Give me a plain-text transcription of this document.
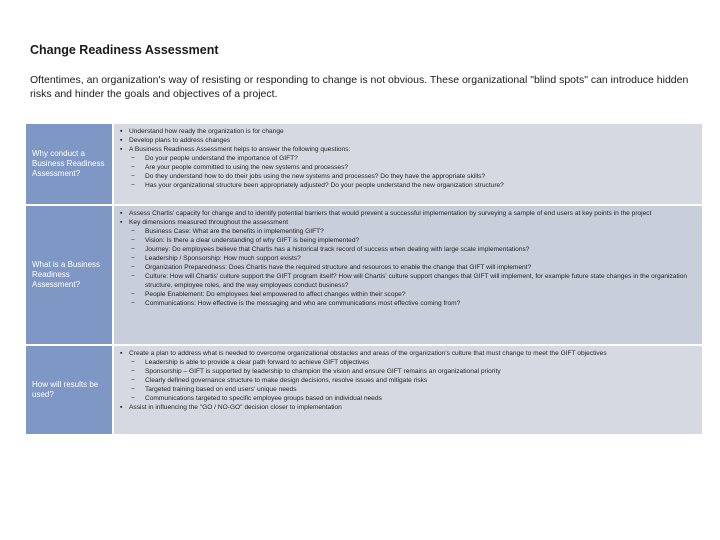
Change Readiness Assessment
Oftentimes, an organization's way of resisting or responding to change is not obvious. These organizational "blind spots" can introduce hidden risks and hinder the goals and objectives of a project.
Why conduct a Business Readiness Assessment?
▪ Understand how ready the organization is for change
▪ Develop plans to address changes
▪ A Business Readiness Assessment helps to answer the following questions:
− Do your people understand the importance of GIFT?
− Are your people committed to using the new systems and processes?
− Do they understand how to do their jobs using the new systems and processes? Do they have the appropriate skills?
− Has your organizational structure been appropriately adjusted? Do your people understand the new organization structure?
What is a Business Readiness Assessment?
▪ Assess Chartis' capacity for change and to identify potential barriers that would prevent a successful implementation by surveying a sample of end users at key points in the project
▪ Key dimensions measured throughout the assessment
− Business Case: What are the benefits in implementing GIFT?
− Vision: Is there a clear understanding of why GIFT is being implemented?
− Journey: Do employees believe that Chartis has a historical track record of success when dealing with large scale implementations?
− Leadership / Sponsorship: How much support exists?
− Organization Preparedness: Does Chartis have the required structure and resources to enable the change that GIFT will implement?
− Culture: How will Chartis' culture support the GIFT program itself? How will Chartis' culture support changes that GIFT will implement, for example future state changes in the organization structure, employee roles, and the way employees conduct business?
− People Enablement: Do employees feel empowered to affect changes within their scope?
− Communications: How effective is the messaging and who are communications most effective coming from?
How will results be used?
▪ Create a plan to address what is needed to overcome organizational obstacles and areas of the organization's culture that must change to meet the GIFT objectives
− Leadership is able to provide a clear path forward to achieve GIFT objectives
− Sponsorship – GIFT is supported by leadership to champion the vision and ensure GIFT remains an organizational priority
− Clearly defined governance structure to make design decisions, resolve issues and mitigate risks
− Targeted training based on end users' unique needs
− Communications targeted to specific employee groups based on individual needs
▪ Assist in influencing the "GO / NO-GO" decision closer to implementation
